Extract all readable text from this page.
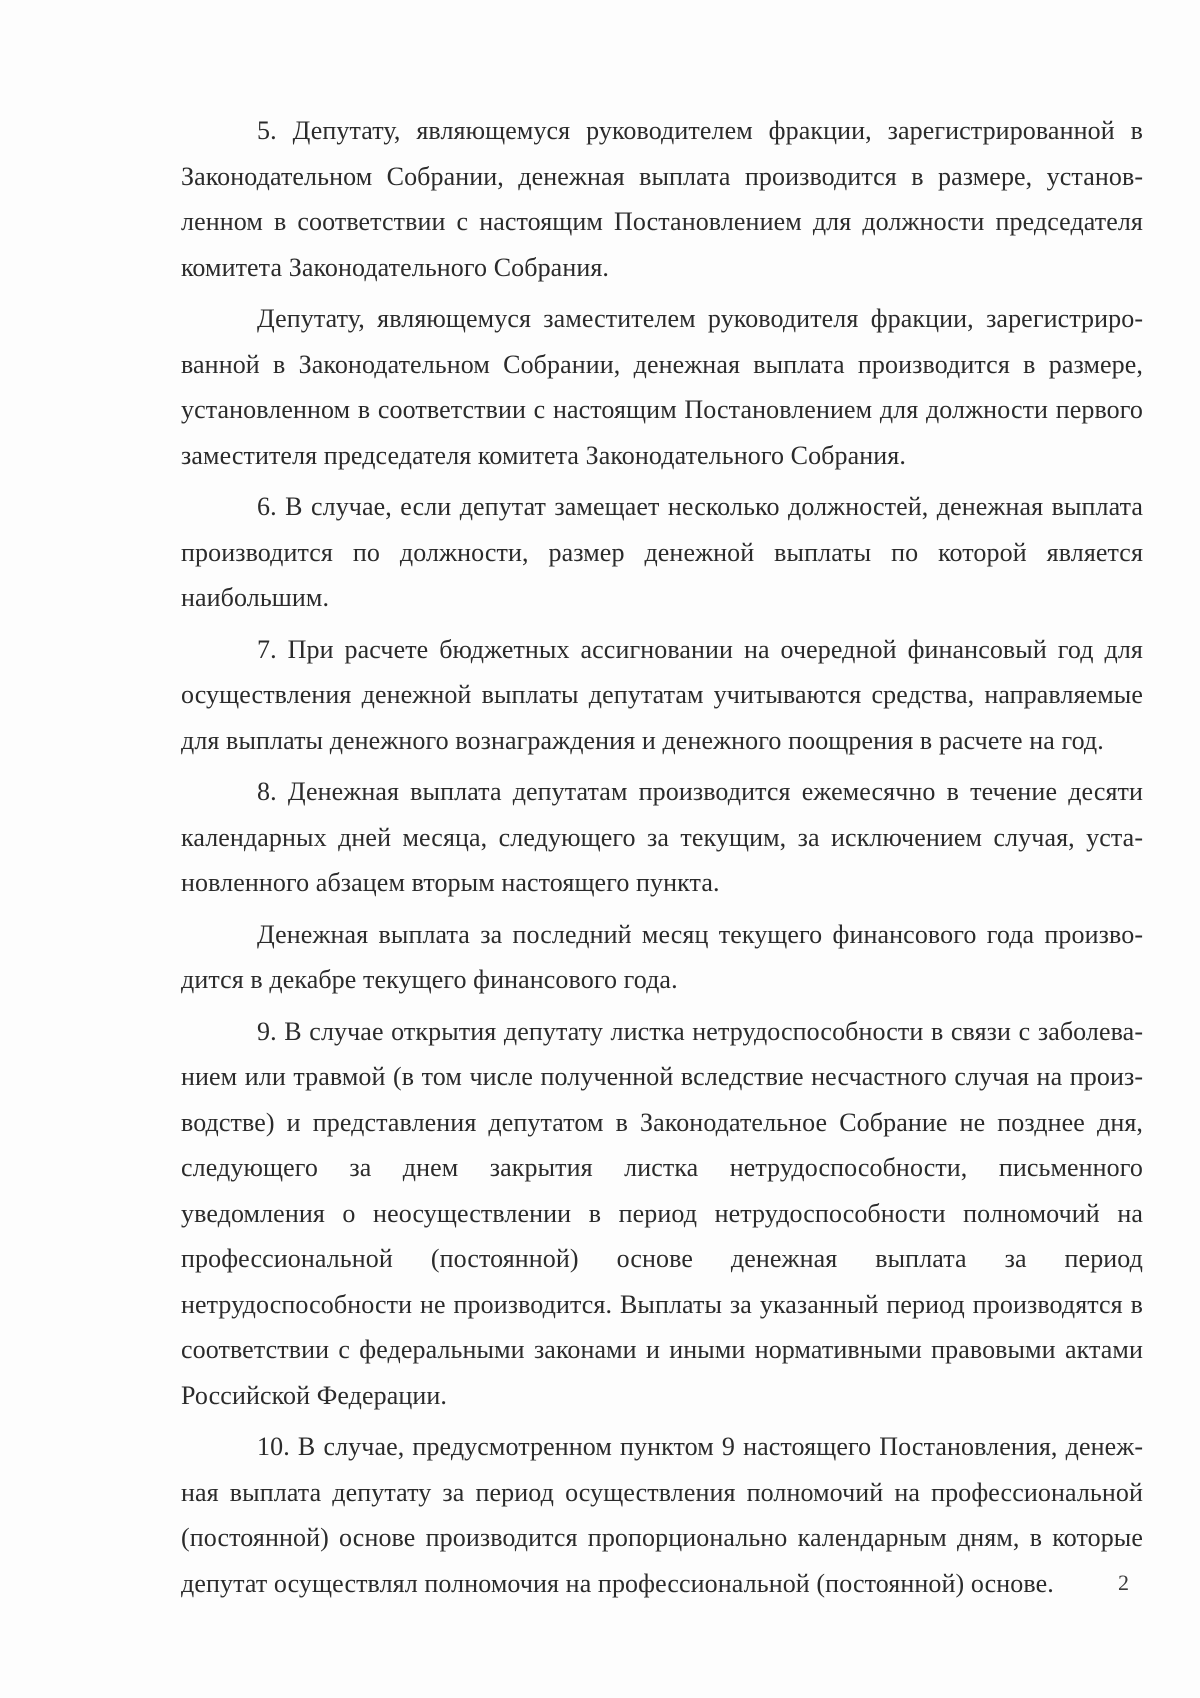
5. Депутату, являющемуся руководителем фракции, зарегистрированной в Законодательном Собрании, денежная выплата производится в размере, установленном в соответствии с настоящим Постановлением для должности председателя комитета Законодательного Собрания.

Депутату, являющемуся заместителем руководителя фракции, зарегистрированной в Законодательном Собрании, денежная выплата производится в размере, установленном в соответствии с настоящим Постановлением для должности первого заместителя председателя комитета Законодательного Собрания.

6. В случае, если депутат замещает несколько должностей, денежная выплата производится по должности, размер денежной выплаты по которой является наибольшим.

7. При расчете бюджетных ассигновании на очередной финансовый год для осуществления денежной выплаты депутатам учитываются средства, направляемые для выплаты денежного вознаграждения и денежного поощрения в расчете на год.

8. Денежная выплата депутатам производится ежемесячно в течение десяти календарных дней месяца, следующего за текущим, за исключением случая, установленного абзацем вторым настоящего пункта.

Денежная выплата за последний месяц текущего финансового года производится в декабре текущего финансового года.

9. В случае открытия депутату листка нетрудоспособности в связи с заболеванием или травмой (в том числе полученной вследствие несчастного случая на производстве) и представления депутатом в Законодательное Собрание не позднее дня, следующего за днем закрытия листка нетрудоспособности, письменного уведомления о неосуществлении в период нетрудоспособности полномочий на профессиональной (постоянной) основе денежная выплата за период нетрудоспособности не производится. Выплаты за указанный период производятся в соответствии с федеральными законами и иными нормативными правовыми актами Российской Федерации.

10. В случае, предусмотренном пунктом 9 настоящего Постановления, денежная выплата депутату за период осуществления полномочий на профессиональной (постоянной) основе производится пропорционально календарным дням, в которые депутат осуществлял полномочия на профессиональной (постоянной) основе.	2
